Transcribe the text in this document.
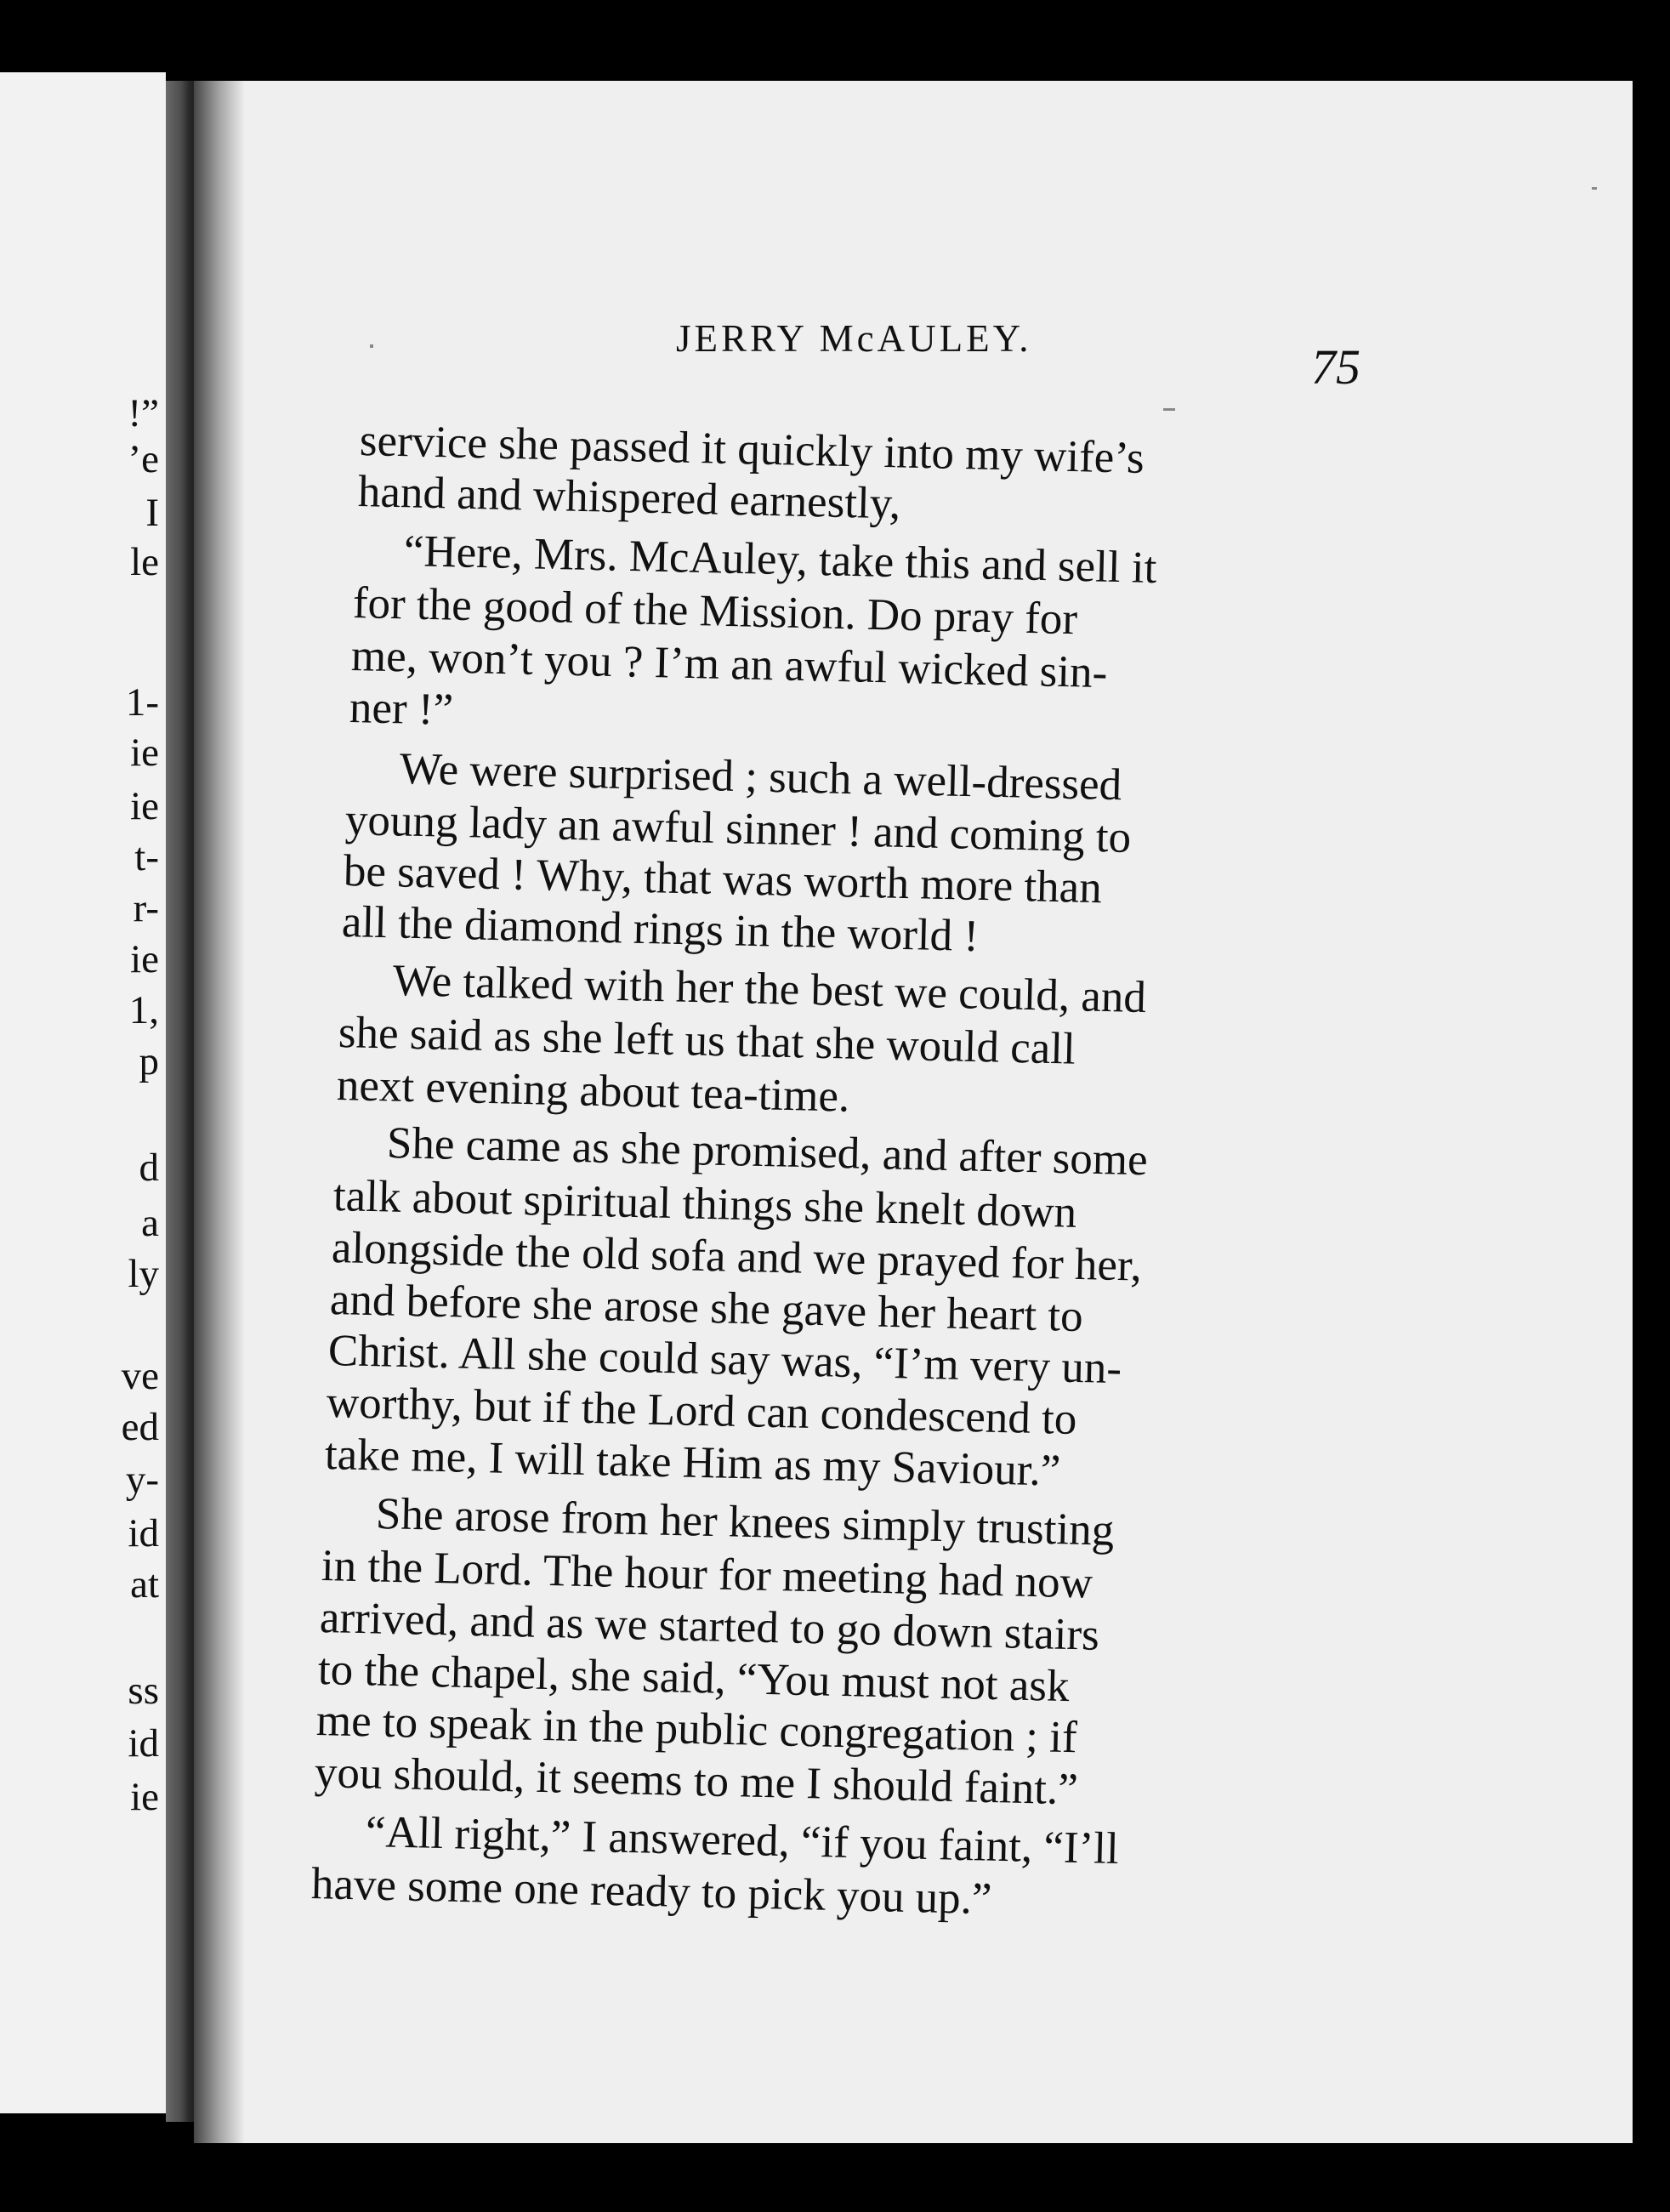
!”
’e
I
le
1-
ie
ie
t-
r-
ie
1,
p
d
a
ly
ve
ed
y-
id
at
ss
id
ie
JERRY McAULEY.
75
service she passed it quickly into my wife’s
hand and whispered earnestly,
“Here, Mrs. McAuley, take this and sell it
for the good of the Mission. Do pray for
me, won’t you ? I’m an awful wicked sin-
ner !”
We were surprised ; such a well-dressed
young lady an awful sinner ! and coming to
be saved ! Why, that was worth more than
all the diamond rings in the world !
We talked with her the best we could, and
she said as she left us that she would call
next evening about tea-time.
She came as she promised, and after some
talk about spiritual things she knelt down
alongside the old sofa and we prayed for her,
and before she arose she gave her heart to
Christ. All she could say was, “I’m very un-
worthy, but if the Lord can condescend to
take me, I will take Him as my Saviour.”
She arose from her knees simply trusting
in the Lord. The hour for meeting had now
arrived, and as we started to go down stairs
to the chapel, she said, “You must not ask
me to speak in the public congregation ; if
you should, it seems to me I should faint.”
“All right,” I answered, “if you faint, “I’ll
have some one ready to pick you up.”
